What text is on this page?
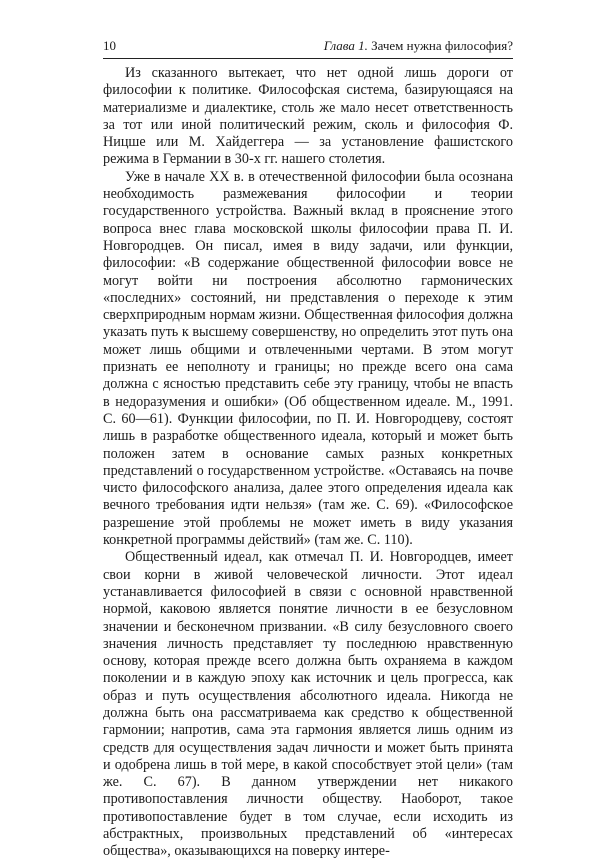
10	Глава 1. Зачем нужна философия?

Из сказанного вытекает, что нет одной лишь дороги от философии к политике. Философская система, базирующаяся на материализме и диалектике, столь же мало несет ответственность за тот или иной политический режим, сколь и философия Ф. Ницше или М. Хайдеггера — за установление фашистского режима в Германии в 30-х гг. нашего столетия.

Уже в начале XX в. в отечественной философии была осознана необходимость размежевания философии и теории государственного устройства. Важный вклад в прояснение этого вопроса внес глава московской школы философии права П. И. Новгородцев. Он писал, имея в виду задачи, или функции, философии: «В содержание общественной философии вовсе не могут войти ни построения абсолютно гармонических «последних» состояний, ни представления о переходе к этим сверхприродным нормам жизни. Общественная философия должна указать путь к высшему совершенству, но определить этот путь она может лишь общими и отвлеченными чертами. В этом могут признать ее неполноту и границы; но прежде всего она сама должна с ясностью представить себе эту границу, чтобы не впасть в недоразумения и ошибки» (Об общественном идеале. М., 1991. С. 60—61). Функции философии, по П. И. Новгородцеву, состоят лишь в разработке общественного идеала, который и может быть положен затем в основание самых разных конкретных представлений о государственном устройстве. «Оставаясь на почве чисто философского анализа, далее этого определения идеала как вечного требования идти нельзя» (там же. С. 69). «Философское разрешение этой проблемы не может иметь в виду указания конкретной программы действий» (там же. С. 110).

Общественный идеал, как отмечал П. И. Новгородцев, имеет свои корни в живой человеческой личности. Этот идеал устанавливается философией в связи с основной нравственной нормой, каковою является понятие личности в ее безусловном значении и бесконечном призвании. «В силу безусловного своего значения личность представляет ту последнюю нравственную основу, которая прежде всего должна быть охраняема в каждом поколении и в каждую эпоху как источник и цель прогресса, как образ и путь осуществления абсолютного идеала. Никогда не должна быть она рассматриваема как средство к общественной гармонии; напротив, сама эта гармония является лишь одним из средств для осуществления задач личности и может быть принята и одобрена лишь в той мере, в какой способствует этой цели» (там же. С. 67). В данном утверждении нет никакого противопоставления личности обществу. Наоборот, такое противопоставление будет в том случае, если исходить из абстрактных, произвольных представлений об «интересах общества», оказывающихся на поверку интере-
